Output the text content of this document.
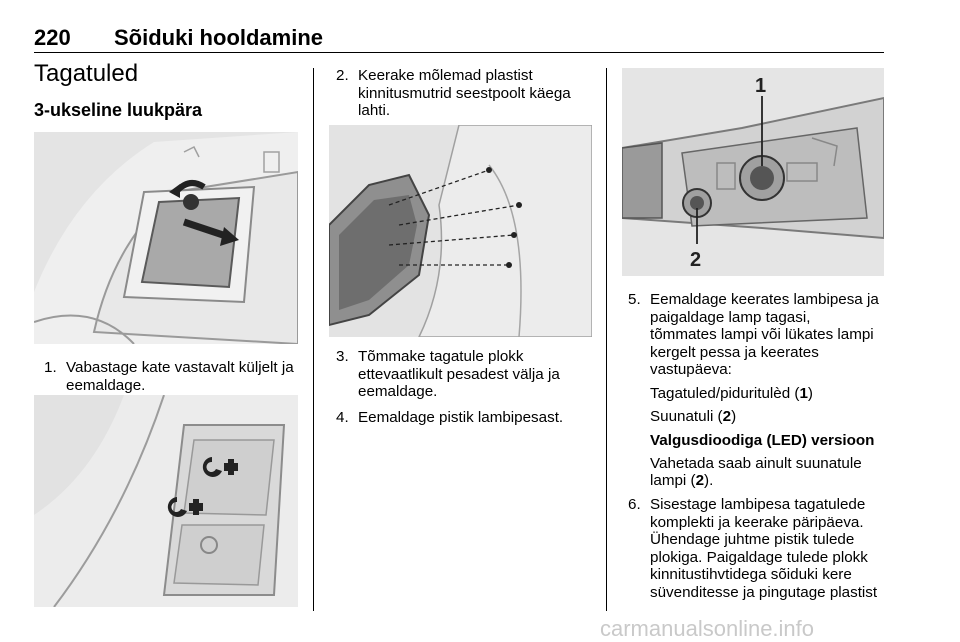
220 Sõiduki hooldamine
Tagatuled
3-ukseline luukpära
1. Vabastage kate vastavalt küljelt ja
eemaldage.
2. Keerake mõlemad plastist
kinnitusmutrid seestpoolt käega
lahti.
3. Tõmmake tagatule plokk
ettevaatlikult pesadest välja ja
eemaldage.
4. Eemaldage pistik lambipesast.
1
2
5. Eemaldage keerates lambipesa ja
paigaldage lamp tagasi,
tõmmates lampi või lükates lampi
kergelt pessa ja keerates
vastupäeva:
Tagatuled/piduritulèd (1)
Suunatuli (2)
Valgusdioodiga (LED) versioon
Vahetada saab ainult suunatule
lampi (2).
6. Sisestage lambipesa tagatulede
komplekti ja keerake päripäeva.
Ühendage juhtme pistik tulede
plokiga. Paigaldage tulede plokk
kinnitustihvtidega sõiduki kere
süvenditesse ja pingutage plastist
carmanualsonline.info
